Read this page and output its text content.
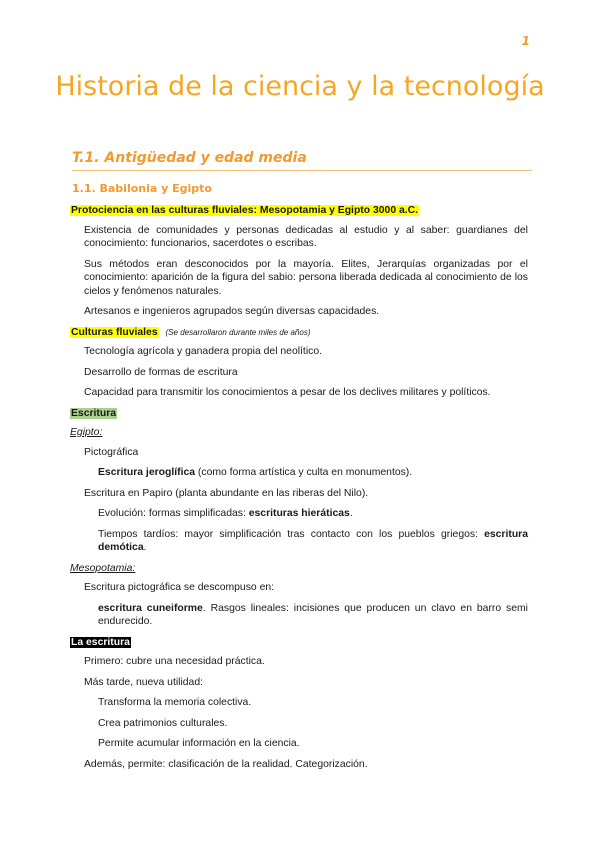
1
Historia de la ciencia y la tecnología
T.1. Antigüedad y edad media
1.1. Babilonia y Egipto
Protociencia en las culturas fluviales: Mesopotamia y Egipto 3000 a.C.
Existencia de comunidades y personas dedicadas al estudio y al saber: guardianes del conocimiento: funcionarios, sacerdotes o escribas.
Sus métodos eran desconocidos por la mayoría. Elites, Jerarquías organizadas por el conocimiento: aparición de la figura del sabio: persona liberada dedicada al conocimiento de los cielos y fenómenos naturales.
Artesanos e ingenieros agrupados según diversas capacidades.
Culturas fluviales (Se desarrollaron durante miles de años)
Tecnología agrícola y ganadera propia del neolítico.
Desarrollo de formas de escritura
Capacidad para transmitir los conocimientos a pesar de los declives militares y políticos.
Escritura
Egipto:
Pictográfica
Escritura jeroglífica (como forma artística y culta en monumentos).
Escritura en Papiro (planta abundante en las riberas del Nilo).
Evolución: formas simplificadas: escrituras hieráticas.
Tiempos tardíos: mayor simplificación tras contacto con los pueblos griegos: escritura demótica.
Mesopotamia:
Escritura pictográfica se descompuso en:
escritura cuneiforme. Rasgos lineales: incisiones que producen un clavo en barro semi endurecido.
La escritura
Primero: cubre una necesidad práctica.
Más tarde, nueva utilidad:
Transforma la memoria colectiva.
Crea patrimonios culturales.
Permite acumular información en la ciencia.
Además, permite: clasificación de la realidad. Categorización.
